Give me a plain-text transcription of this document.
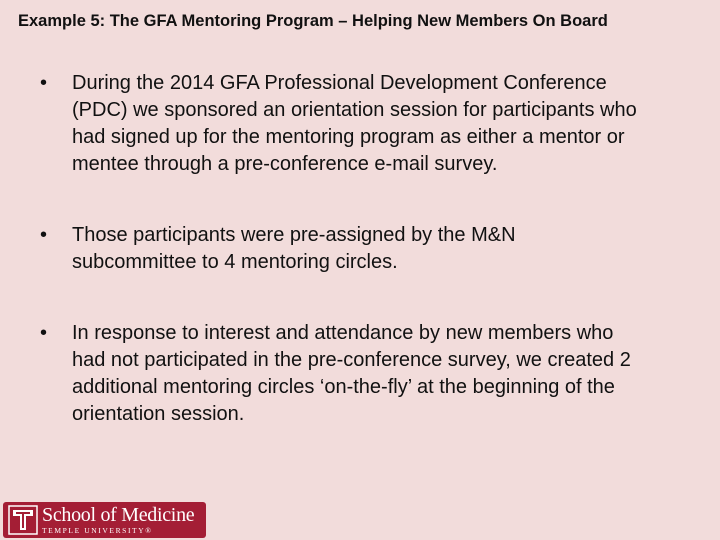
Example 5: The GFA Mentoring Program – Helping New Members On Board
• During the 2014 GFA Professional Development Conference (PDC) we sponsored an orientation session for participants who had signed up for the mentoring program as either a mentor or mentee through a pre-conference e-mail survey.
• Those participants were pre-assigned by the M&N subcommittee to 4 mentoring circles.
• In response to interest and attendance by new members who had not participated in the pre-conference survey, we created 2 additional mentoring circles ‘on-the-fly’ at the beginning of the orientation session.
School of Medicine
TEMPLE UNIVERSITY®
